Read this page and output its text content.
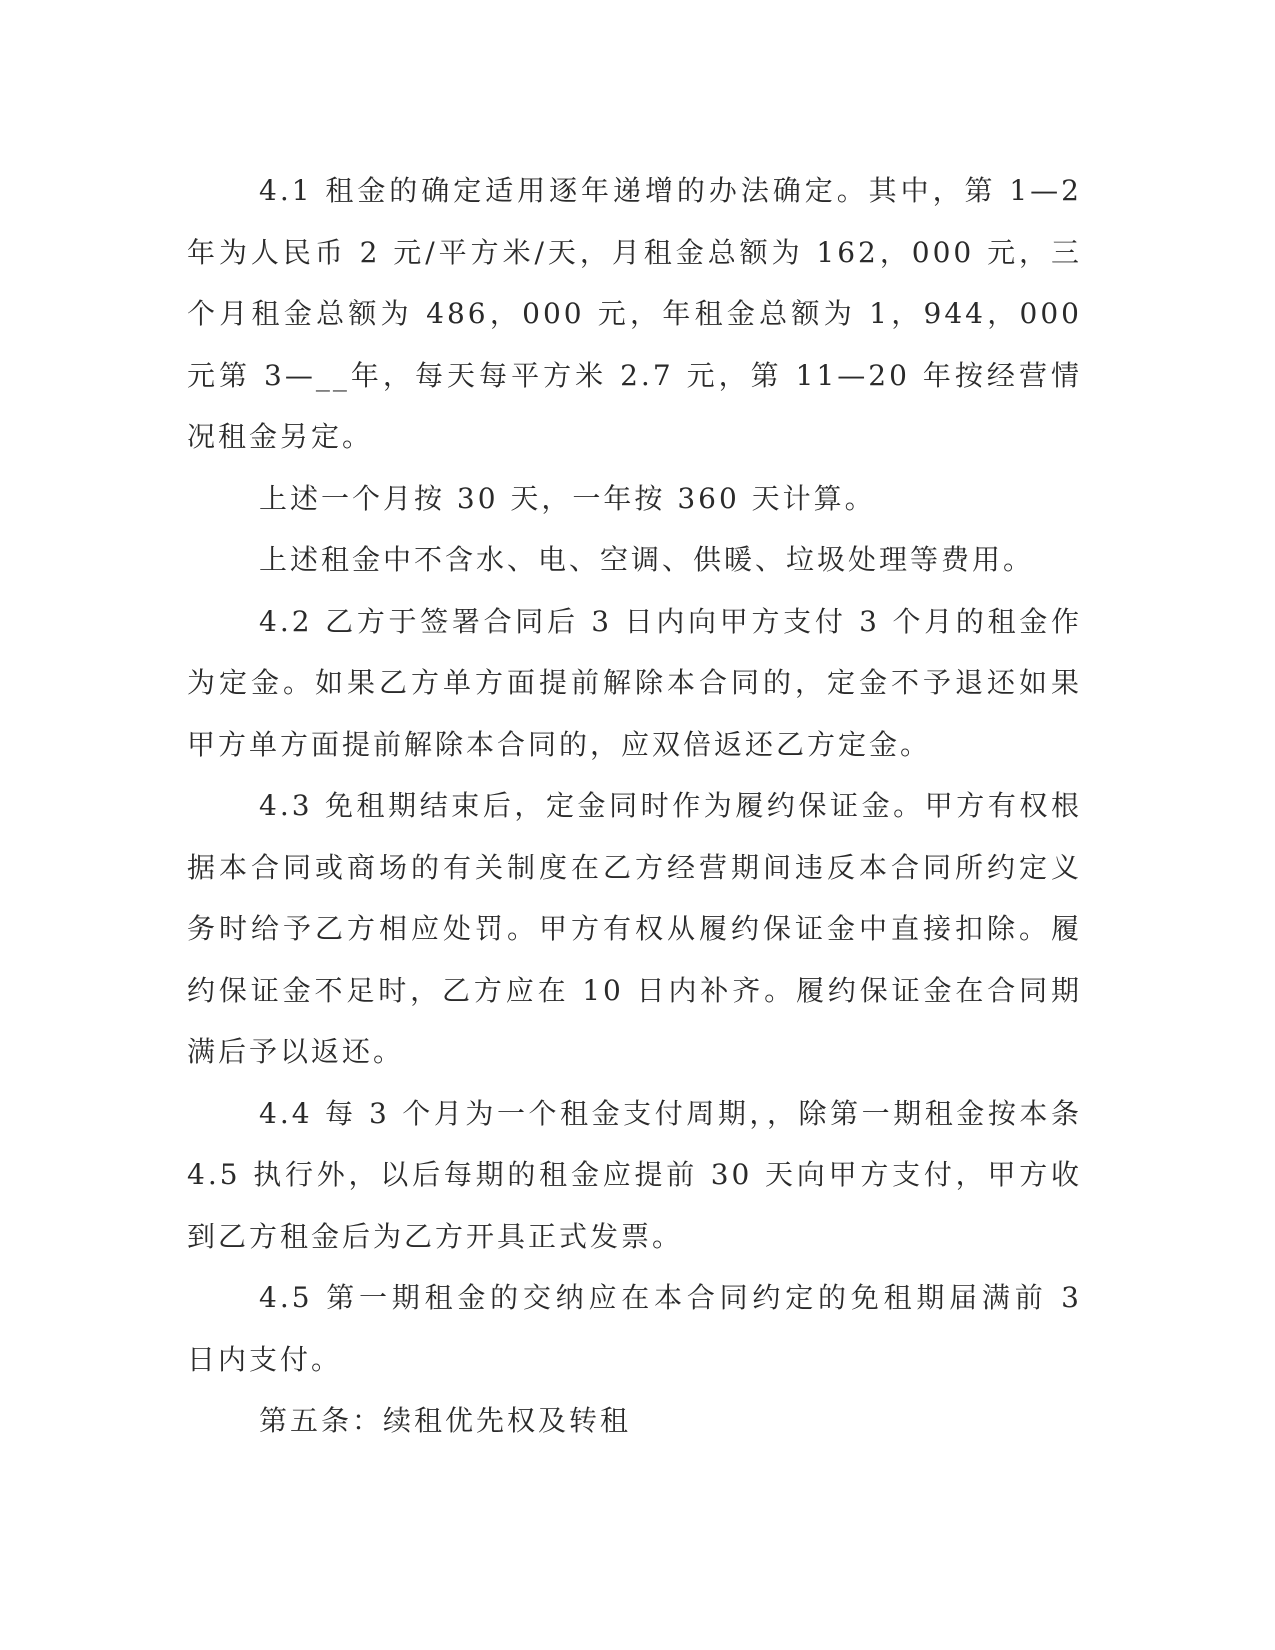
4.1 租金的确定适用逐年递增的办法确定。其中，第 1—2 年为人民币 2 元/平方米/天，月租金总额为 162，000 元，三个月租金总额为 486，000 元，年租金总额为 1，944，000 元第 3—__年，每天每平方米 2.7 元，第 11—20 年按经营情况租金另定。

上述一个月按 30 天，一年按 360 天计算。

上述租金中不含水、电、空调、供暖、垃圾处理等费用。

4.2 乙方于签署合同后 3 日内向甲方支付 3 个月的租金作为定金。如果乙方单方面提前解除本合同的，定金不予退还如果甲方单方面提前解除本合同的，应双倍返还乙方定金。

4.3 免租期结束后，定金同时作为履约保证金。甲方有权根据本合同或商场的有关制度在乙方经营期间违反本合同所约定义务时给予乙方相应处罚。甲方有权从履约保证金中直接扣除。履约保证金不足时，乙方应在 10 日内补齐。履约保证金在合同期满后予以返还。

4.4 每 3 个月为一个租金支付周期，，除第一期租金按本条 4.5 执行外，以后每期的租金应提前 30 天向甲方支付，甲方收到乙方租金后为乙方开具正式发票。

4.5 第一期租金的交纳应在本合同约定的免租期届满前 3 日内支付。

第五条：续租优先权及转租
